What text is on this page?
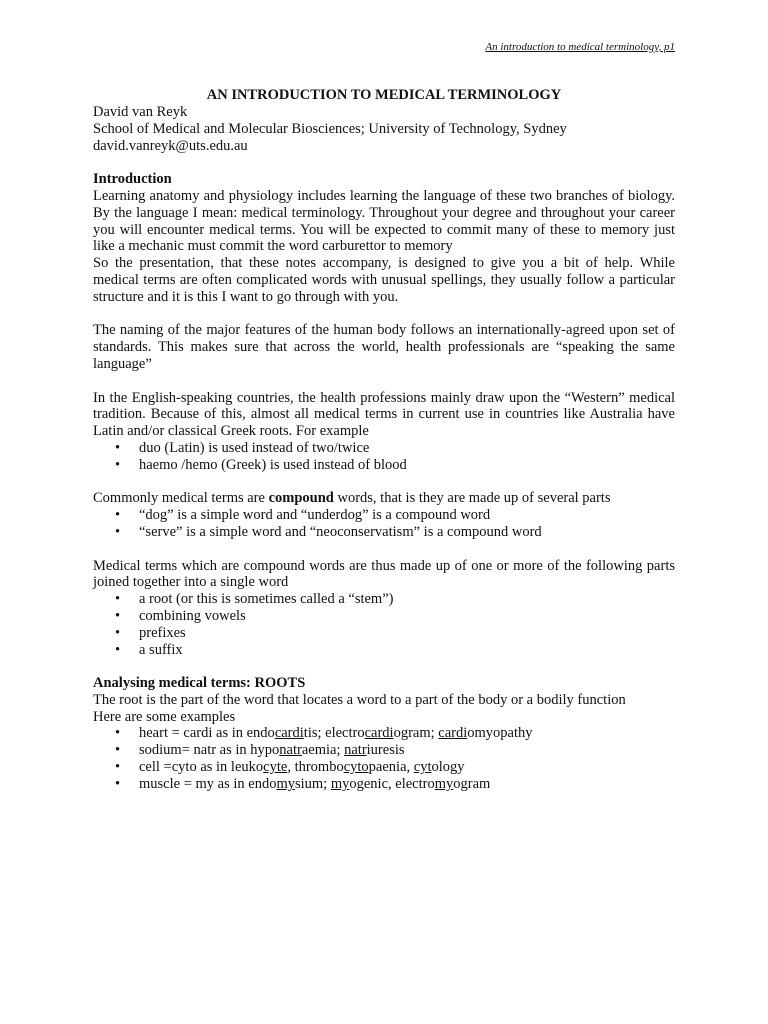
An introduction to medical terminology, p1
AN INTRODUCTION TO MEDICAL TERMINOLOGY

David van Reyk

School of Medical and Molecular Biosciences; University of Technology, Sydney

david.vanreyk@uts.edu.au

Introduction

Learning anatomy and physiology includes learning the language of these two branches of biology. By the language I mean: medical terminology. Throughout your degree and throughout your career you will encounter medical terms. You will be expected to commit many of these to memory just like a mechanic must commit the word carburettor to memory

So the presentation, that these notes accompany, is designed to give you a bit of help. While medical terms are often complicated words with unusual spellings, they usually follow a particular structure and it is this I want to go through with you.

The naming of the major features of the human body follows an internationally-agreed upon set of standards. This makes sure that across the world, health professionals are “speaking the same language”

In the English-speaking countries, the health professions mainly draw upon the “Western” medical tradition. Because of this, almost all medical terms in current use in countries like Australia have Latin and/or classical Greek roots. For example

• duo (Latin) is used instead of two/twice
• haemo /hemo (Greek) is used instead of blood

Commonly medical terms are compound words, that is they are made up of several parts

• “dog” is a simple word and “underdog” is a compound word
• “serve” is a simple word and “neoconservatism” is a compound word

Medical terms which are compound words are thus made up of one or more of the following parts joined together into a single word

• a root (or this is sometimes called a “stem”)
• combining vowels
• prefixes
• a suffix

Analysing medical terms: ROOTS

The root is the part of the word that locates a word to a part of the body or a bodily function

Here are some examples

• heart = cardi as in endocarditis; electrocardiogram; cardiomyopathy
• sodium= natr as in hyponatraemia; natriuresis
• cell =cyto as in leukocyte, thrombocytopaenia, cytology
• muscle = my as in endomysium; myogenic, electromyogram
